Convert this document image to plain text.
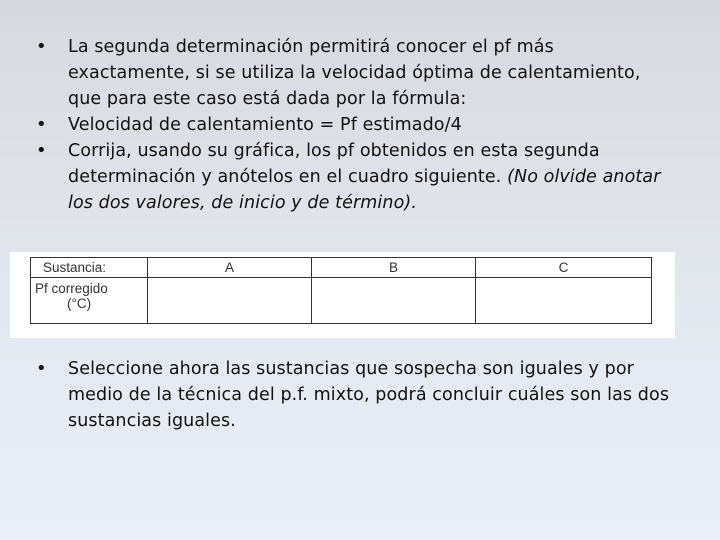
• La segunda determinación permitirá conocer el pf más exactamente, si se utiliza la velocidad óptima de calentamiento, que para este caso está dada por la fórmula:
• Velocidad de calentamiento = Pf estimado/4
• Corrija, usando su gráfica, los pf obtenidos en esta segunda determinación y anótelos en el cuadro siguiente. (No olvide anotar los dos valores, de inicio y de término).
Sustancia:	A	B	C
Pf corregido
(°C)			
• Seleccione ahora las sustancias que sospecha son iguales y por medio de la técnica del p.f. mixto, podrá concluir cuáles son las dos sustancias iguales.
